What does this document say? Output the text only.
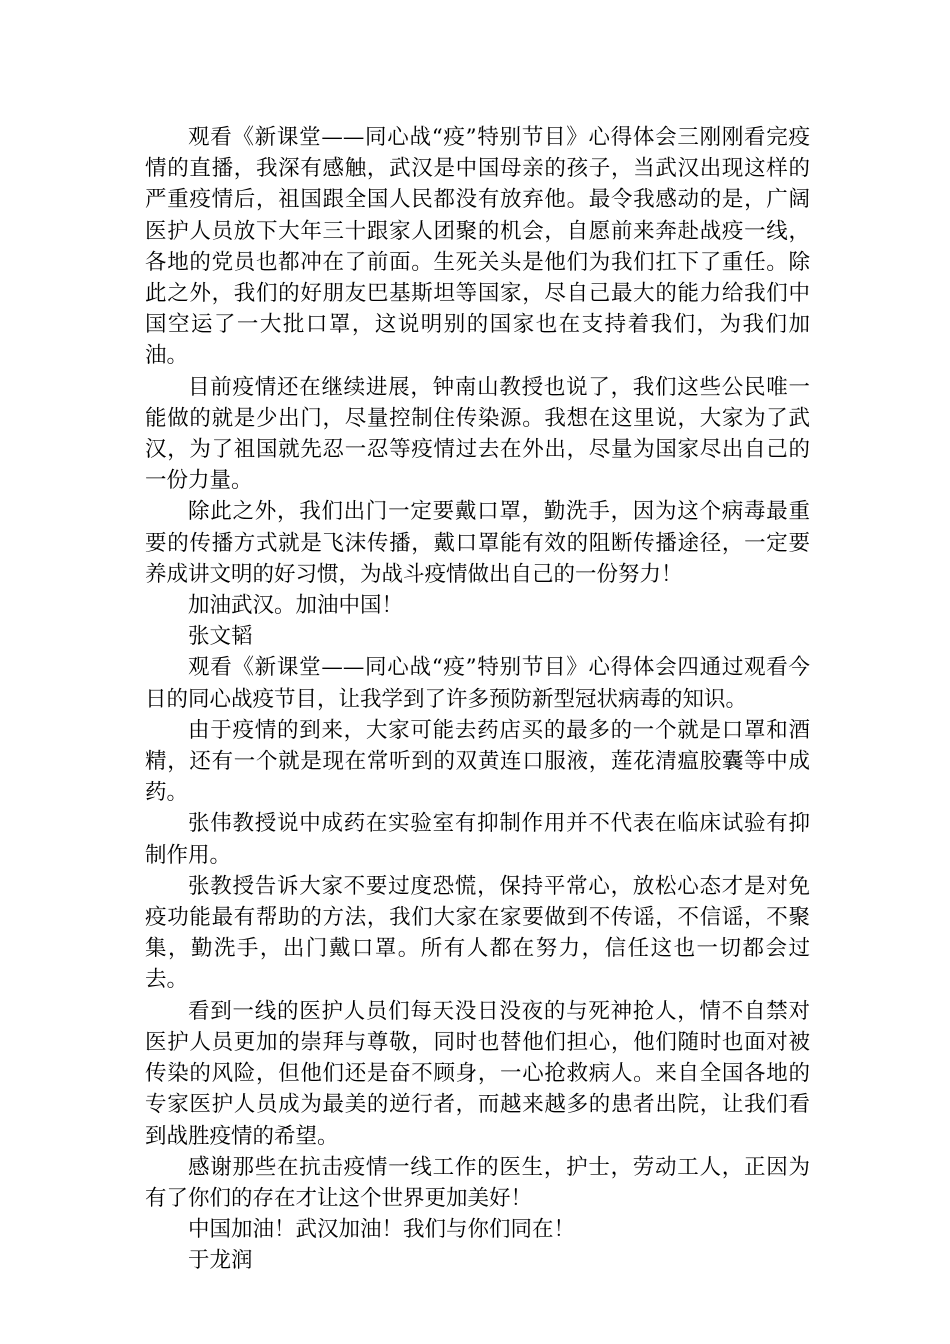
观看《新课堂——同心战“疫”特别节目》心得体会三刚刚看完疫情的直播，我深有感触，武汉是中国母亲的孩子，当武汉出现这样的严重疫情后，祖国跟全国人民都没有放弃他。最令我感动的是，广阔医护人员放下大年三十跟家人团聚的机会，自愿前来奔赴战疫一线，各地的党员也都冲在了前面。生死关头是他们为我们扛下了重任。除此之外，我们的好朋友巴基斯坦等国家，尽自己最大的能力给我们中国空运了一大批口罩，这说明别的国家也在支持着我们，为我们加油。

目前疫情还在继续进展，钟南山教授也说了，我们这些公民唯一能做的就是少出门，尽量控制住传染源。我想在这里说，大家为了武汉，为了祖国就先忍一忍等疫情过去在外出，尽量为国家尽出自己的一份力量。

除此之外，我们出门一定要戴口罩，勤洗手，因为这个病毒最重要的传播方式就是飞沫传播，戴口罩能有效的阻断传播途径，一定要养成讲文明的好习惯，为战斗疫情做出自己的一份努力！

加油武汉。加油中国！

张文韬

观看《新课堂——同心战“疫”特别节目》心得体会四通过观看今日的同心战疫节目，让我学到了许多预防新型冠状病毒的知识。

由于疫情的到来，大家可能去药店买的最多的一个就是口罩和酒精，还有一个就是现在常听到的双黄连口服液，莲花清瘟胶囊等中成药。

张伟教授说中成药在实验室有抑制作用并不代表在临床试验有抑制作用。

张教授告诉大家不要过度恐慌，保持平常心，放松心态才是对免疫功能最有帮助的方法，我们大家在家要做到不传谣，不信谣，不聚集，勤洗手，出门戴口罩。所有人都在努力，信任这也一切都会过去。

看到一线的医护人员们每天没日没夜的与死神抢人，情不自禁对医护人员更加的崇拜与尊敬，同时也替他们担心，他们随时也面对被传染的风险，但他们还是奋不顾身，一心抢救病人。来自全国各地的专家医护人员成为最美的逆行者，而越来越多的患者出院，让我们看到战胜疫情的希望。

感谢那些在抗击疫情一线工作的医生，护士，劳动工人，正因为有了你们的存在才让这个世界更加美好！

中国加油！武汉加油！我们与你们同在！

于龙润
